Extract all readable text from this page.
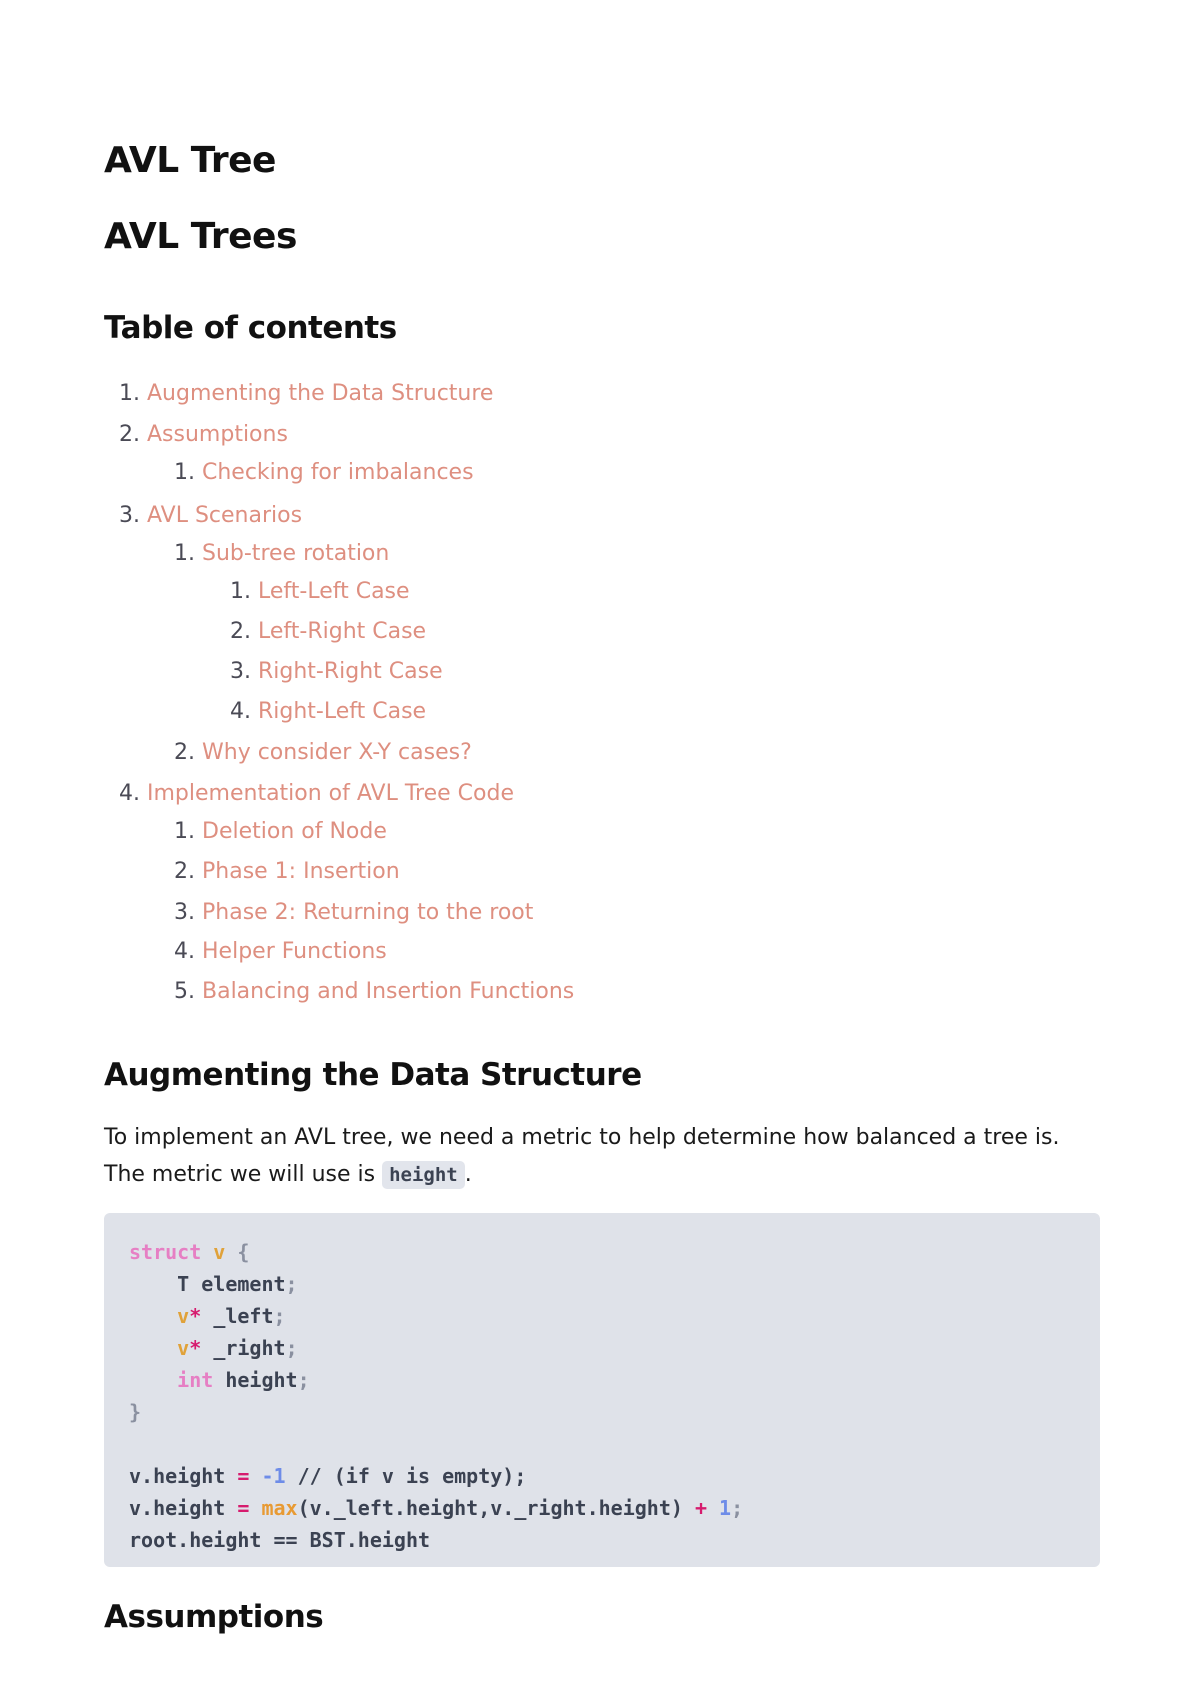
AVL Tree
AVL Trees
Table of contents
1. Augmenting the Data Structure
2. Assumptions
1. Checking for imbalances
3. AVL Scenarios
1. Sub-tree rotation
1. Left-Left Case
2. Left-Right Case
3. Right-Right Case
4. Right-Left Case
2. Why consider X-Y cases?
4. Implementation of AVL Tree Code
1. Deletion of Node
2. Phase 1: Insertion
3. Phase 2: Returning to the root
4. Helper Functions
5. Balancing and Insertion Functions
Augmenting the Data Structure

To implement an AVL tree, we need a metric to help determine how balanced a tree is. The metric we will use is height .

struct v {
T element;
v* _left;
v* _right;
int height;
}

v.height = -1 // (if v is empty);
v.height = max(v._left.height,v._right.height) + 1;
root.height == BST.height
Assumptions
